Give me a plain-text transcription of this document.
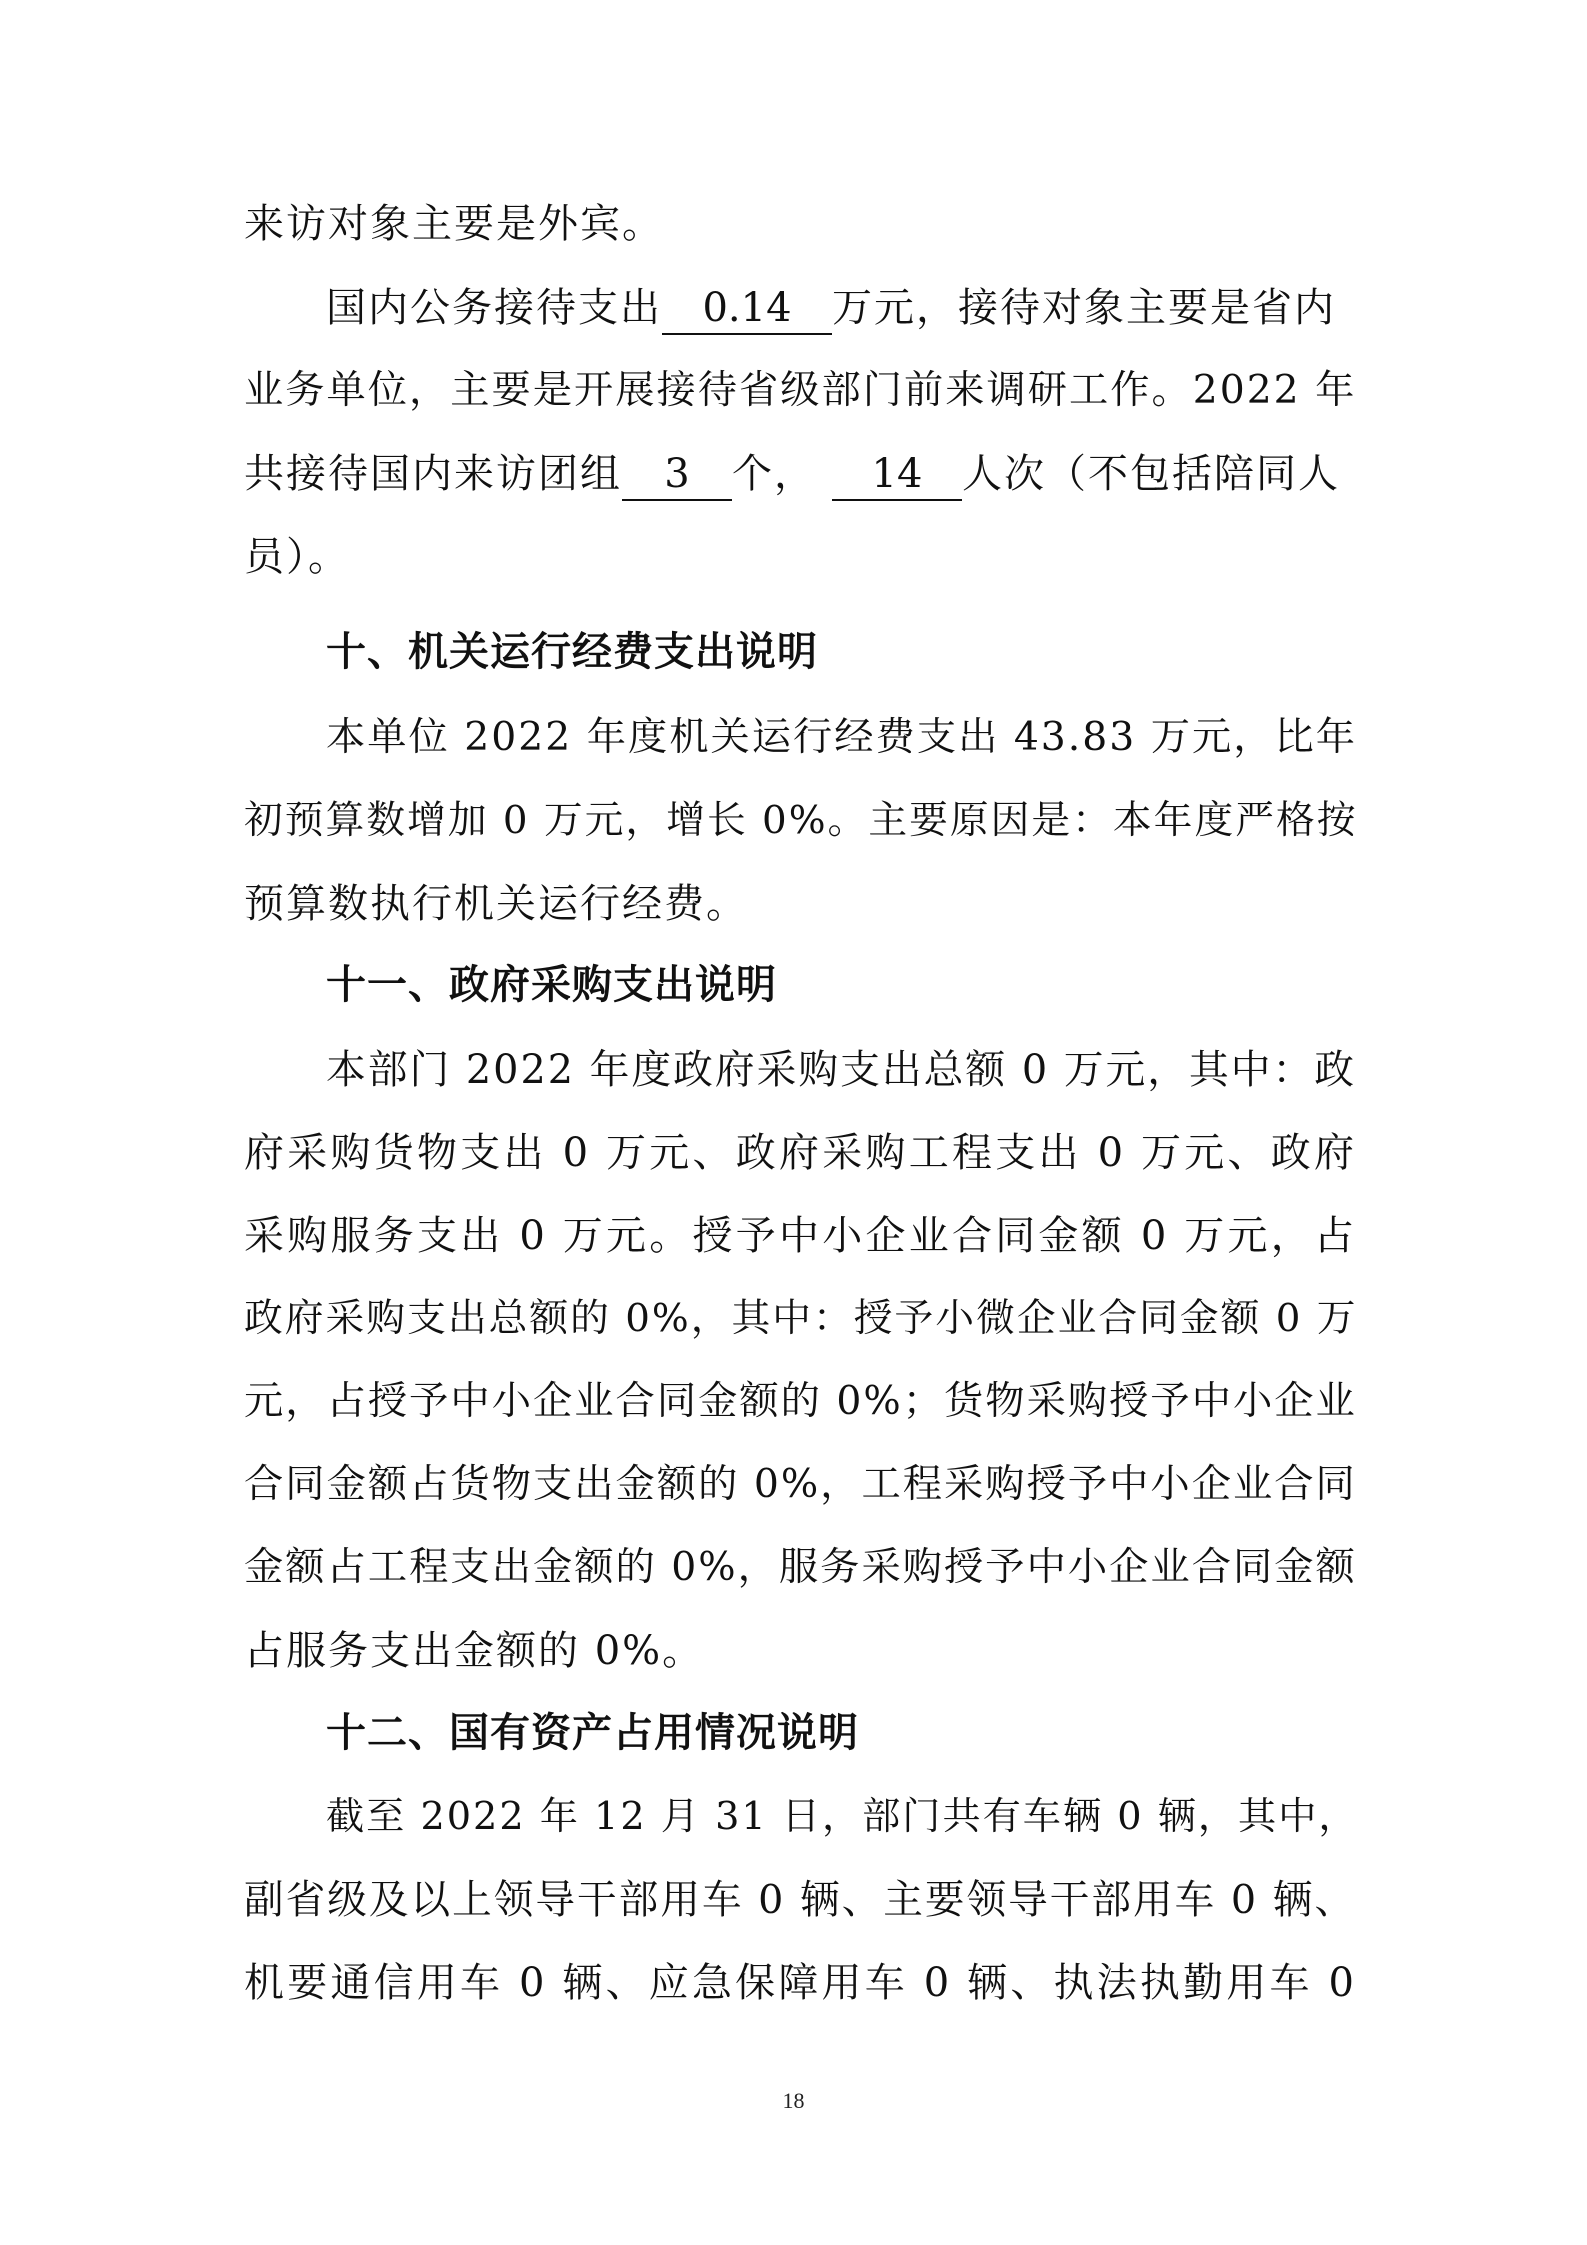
来访对象主要是外宾。
国内公务接待支出 0.14 万元，接待对象主要是省内
业务单位，主要是开展接待省级部门前来调研工作。2022 年
共接待国内来访团组 3 个， 14 人次（不包括陪同人
员）。
十、机关运行经费支出说明
本单位 2022 年度机关运行经费支出 43.83 万元，比年
初预算数增加 0 万元，增长 0%。主要原因是：本年度严格按
预算数执行机关运行经费。
十一、政府采购支出说明
本部门 2022 年度政府采购支出总额 0 万元，其中：政
府采购货物支出 0 万元、政府采购工程支出 0 万元、政府
采购服务支出 0 万元。授予中小企业合同金额 0 万元，占
政府采购支出总额的 0%，其中：授予小微企业合同金额 0 万
元，占授予中小企业合同金额的 0%；货物采购授予中小企业
合同金额占货物支出金额的 0%，工程采购授予中小企业合同
金额占工程支出金额的 0%，服务采购授予中小企业合同金额
占服务支出金额的 0%。
十二、国有资产占用情况说明
截至 2022 年 12 月 31 日，部门共有车辆 0 辆，其中，
副省级及以上领导干部用车 0 辆、主要领导干部用车 0 辆、
机要通信用车 0 辆、应急保障用车 0 辆、执法执勤用车 0
18
